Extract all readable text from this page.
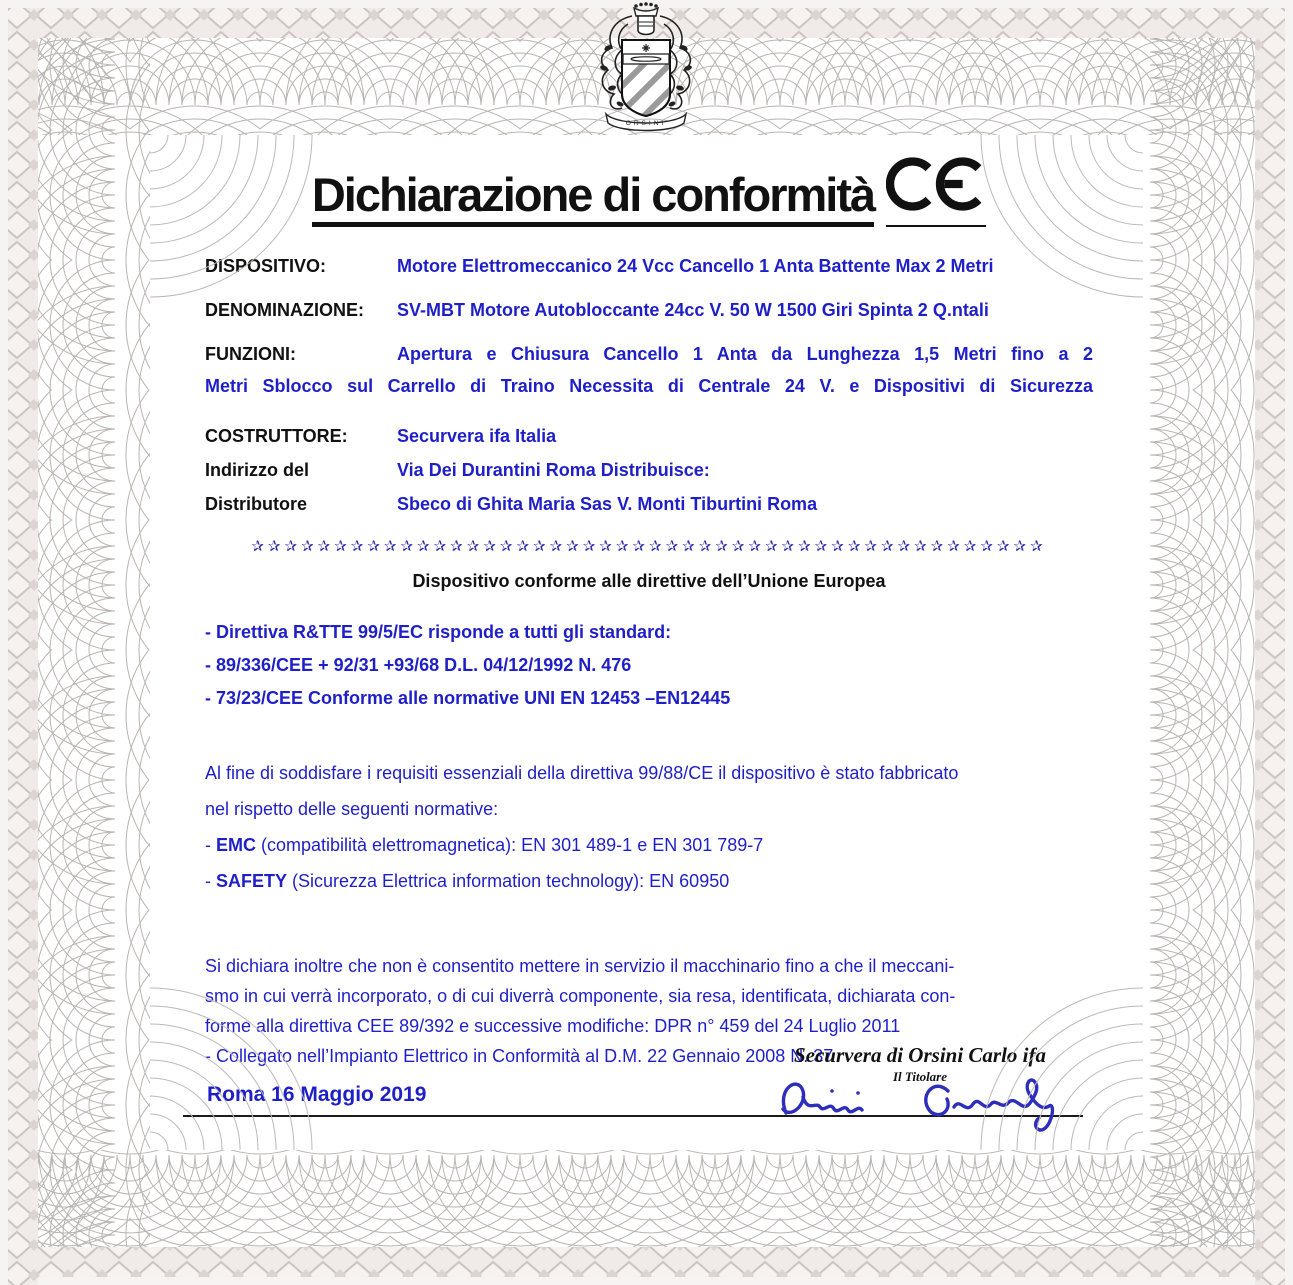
Dichiarazione di conformità
DISPOSITIVO:	Motore Elettromeccanico 24 Vcc Cancello 1 Anta Battente Max 2 Metri
DENOMINAZIONE:	SV-MBT Motore Autobloccante 24cc V. 50 W 1500 Giri Spinta 2 Q.ntali
FUNZIONI:	Apertura e Chiusura Cancello 1 Anta da Lunghezza 1,5 Metri fino a 2
Metri Sblocco sul Carrello di Traino Necessita di Centrale 24 V. e Dispositivi di Sicurezza
COSTRUTTORE:	Securvera ifa Italia
Indirizzo del	Via Dei Durantini Roma Distribuisce:
Distributore	Sbeco di Ghita Maria Sas V. Monti Tiburtini Roma
✰✰✰✰✰✰✰✰✰✰✰✰✰✰✰✰✰✰✰✰✰✰✰✰✰✰✰✰✰✰✰✰✰✰✰✰✰✰✰✰✰✰✰✰✰✰✰✰
Dispositivo conforme alle direttive dell’Unione Europea
- Direttiva R&TTE 99/5/EC risponde a tutti gli standard:
- 89/336/CEE + 92/31 +93/68 D.L. 04/12/1992 N. 476
- 73/23/CEE Conforme alle normative UNI EN 12453 –EN12445
Al fine di soddisfare i requisiti essenziali della direttiva 99/88/CE il dispositivo è stato fabbricato
nel rispetto delle seguenti normative:
- EMC (compatibilità elettromagnetica): EN 301 489-1 e EN 301 789-7
- SAFETY (Sicurezza Elettrica information technology): EN 60950
Si dichiara inoltre che non è consentito mettere in servizio il macchinario fino a che il meccani-
smo in cui verrà incorporato, o di cui diverrà componente, sia resa, identificata, dichiarata con-
forme alla direttiva CEE 89/392 e successive modifiche: DPR n° 459 del 24 Luglio 2011
- Collegato nell’Impianto Elettrico in Conformità al D.M. 22 Gennaio 2008 N. 37
Securvera di Orsini Carlo ifa
Il Titolare
Roma 16 Maggio 2019
ORSINI
